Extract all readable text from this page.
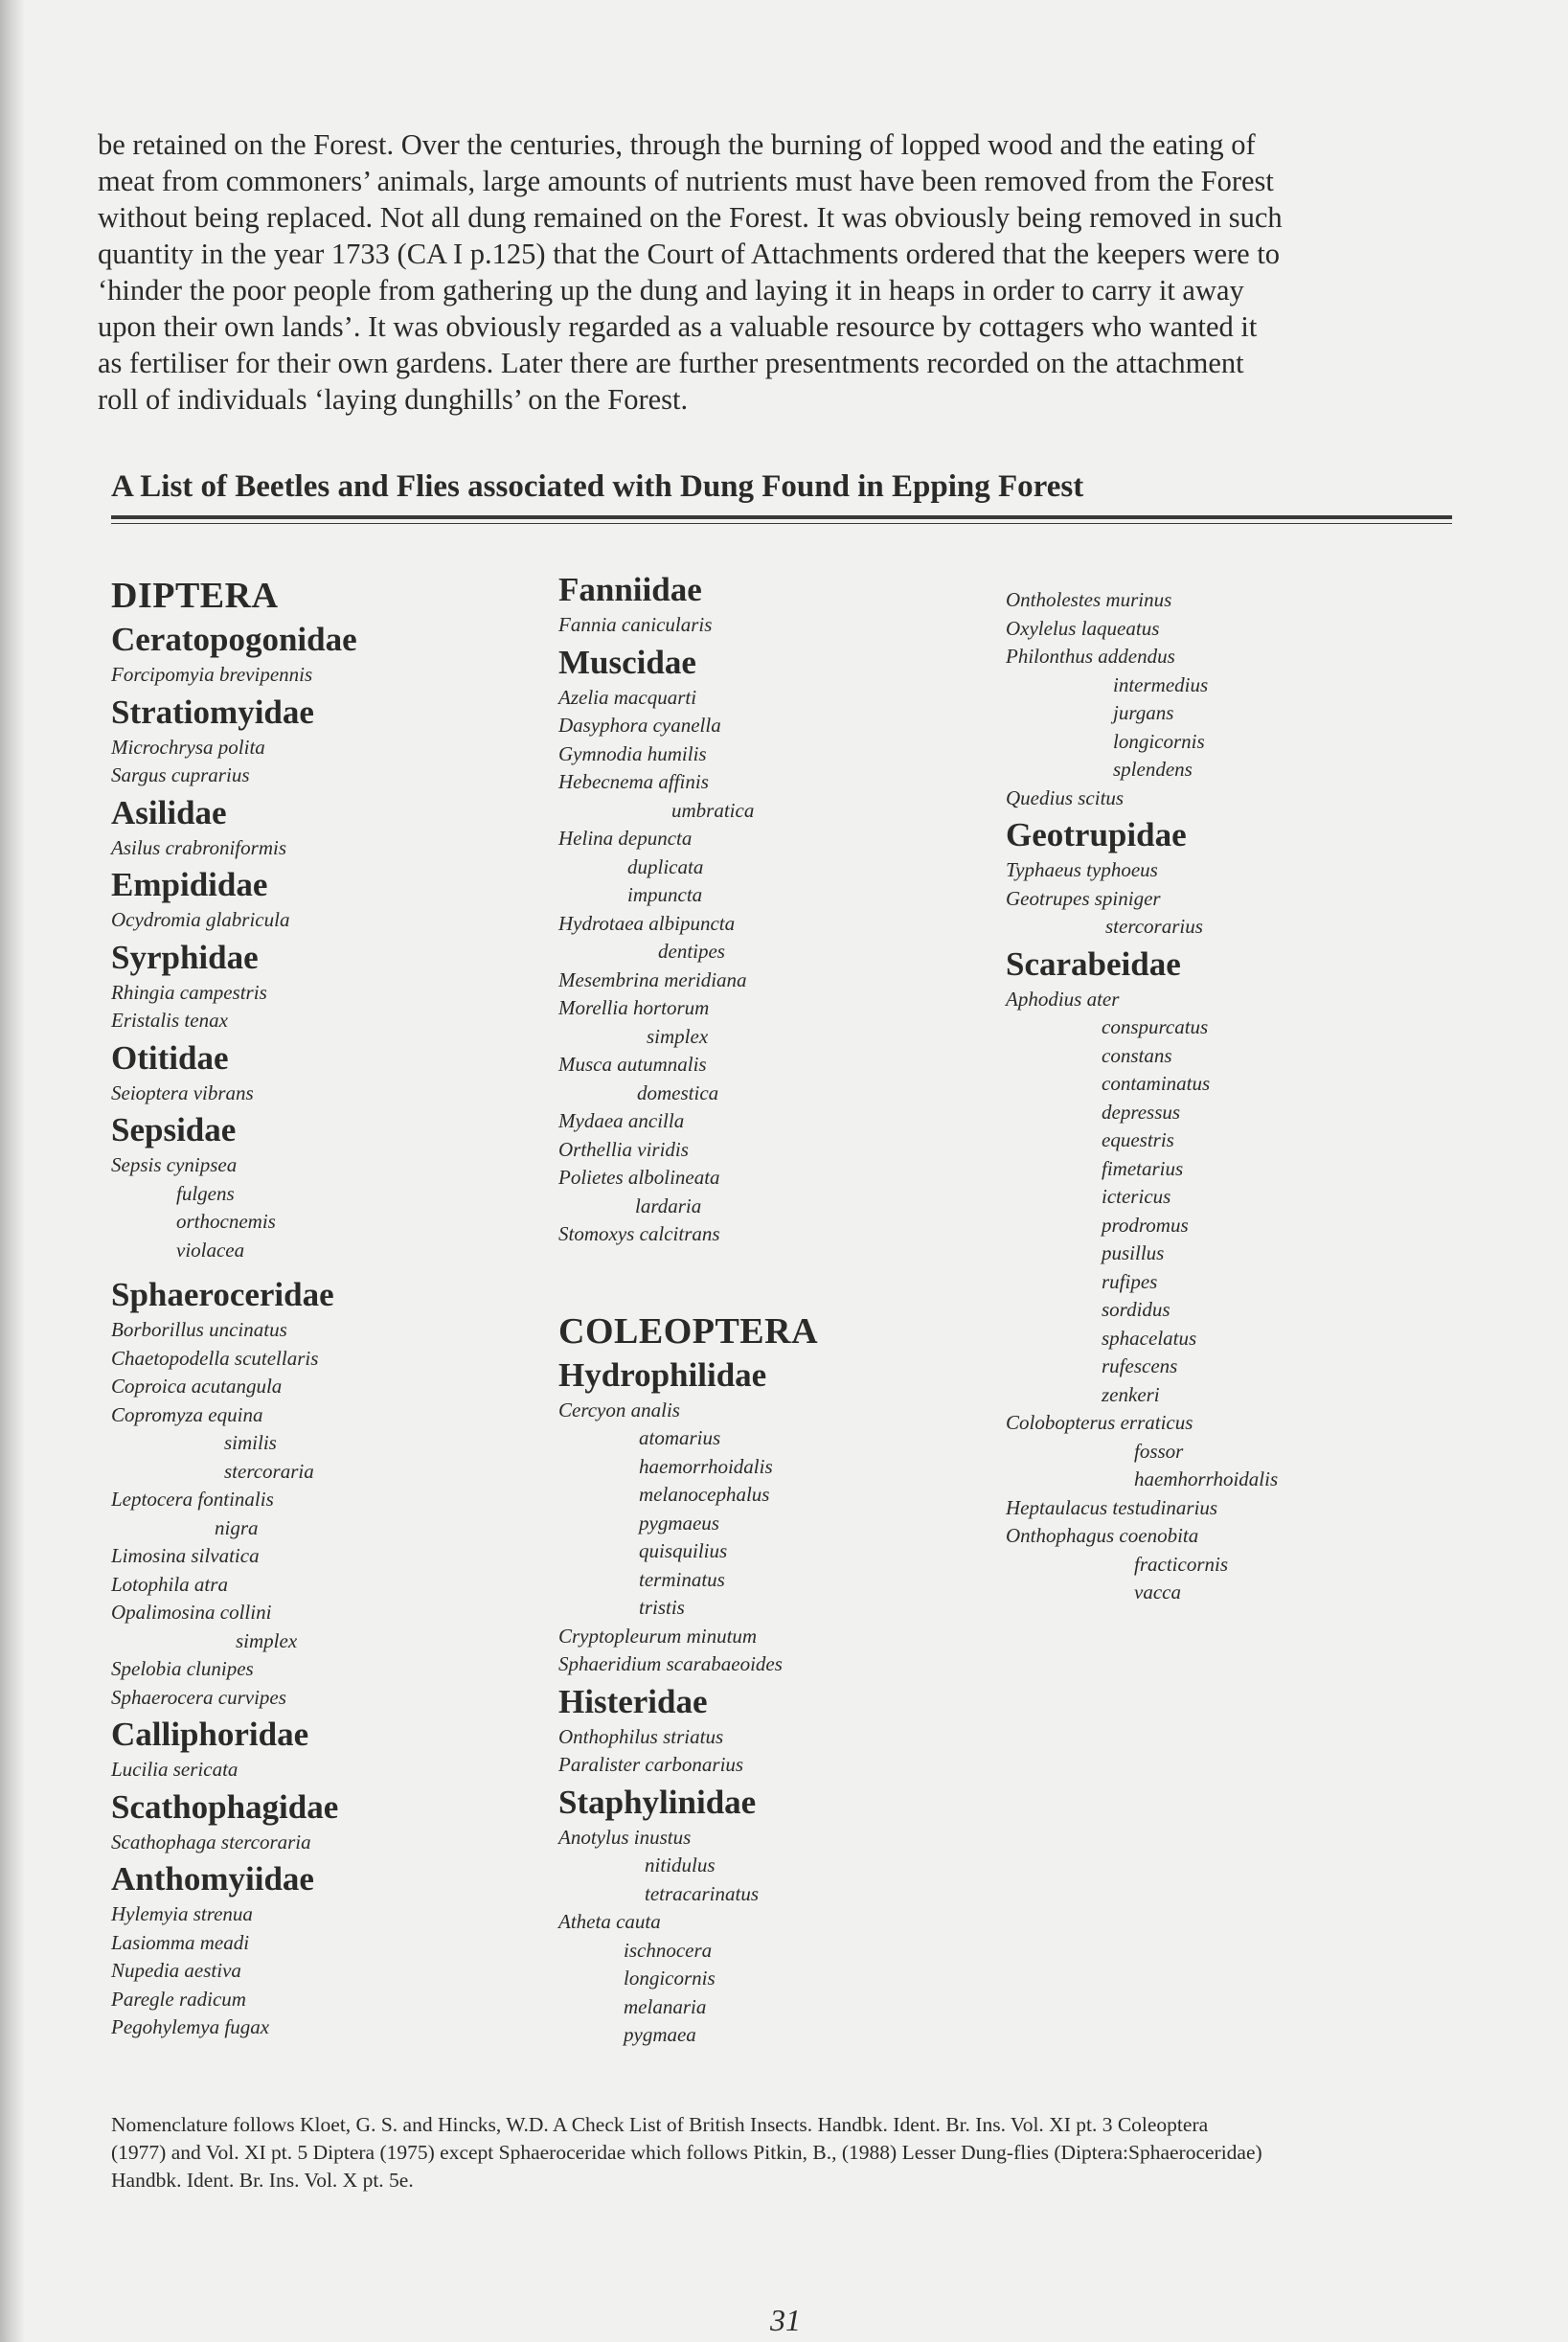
be retained on the Forest. Over the centuries, through the burning of lopped wood and the eating of
meat from commoners’ animals, large amounts of nutrients must have been removed from the Forest
without being replaced. Not all dung remained on the Forest. It was obviously being removed in such
quantity in the year 1733 (CA I p.125) that the Court of Attachments ordered that the keepers were to
‘hinder the poor people from gathering up the dung and laying it in heaps in order to carry it away
upon their own lands’. It was obviously regarded as a valuable resource by cottagers who wanted it
as fertiliser for their own gardens. Later there are further presentments recorded on the attachment
roll of individuals ‘laying dunghills’ on the Forest.

A List of Beetles and Flies associated with Dung Found in Epping Forest
DIPTERA
Ceratopogonidae
Forcipomyia brevipennis
Stratiomyidae
Microchrysa polita
Sargus cuprarius
Asilidae
Asilus crabroniformis
Empididae
Ocydromia glabricula
Syrphidae
Rhingia campestris
Eristalis tenax
Otitidae
Seioptera vibrans
Sepsidae
Sepsis cynipsea
fulgens
orthocnemis
violacea
Sphaeroceridae
Borborillus uncinatus
Chaetopodella scutellaris
Coproica acutangula
Copromyza equina
similis
stercoraria
Leptocera fontinalis
nigra
Limosina silvatica
Lotophila atra
Opalimosina collini
simplex
Spelobia clunipes
Sphaerocera curvipes
Calliphoridae
Lucilia sericata
Scathophagidae
Scathophaga stercoraria
Anthomyiidae
Hylemyia strenua
Lasiomma meadi
Nupedia aestiva
Paregle radicum
Pegohylemya fugax
Fanniidae
Fannia canicularis
Muscidae
Azelia macquarti
Dasyphora cyanella
Gymnodia humilis
Hebecnema affinis
umbratica
Helina depuncta
duplicata
impuncta
Hydrotaea albipuncta
dentipes
Mesembrina meridiana
Morellia hortorum
simplex
Musca autumnalis
domestica
Mydaea ancilla
Orthellia viridis
Polietes albolineata
lardaria
Stomoxys calcitrans
COLEOPTERA
Hydrophilidae
Cercyon analis
atomarius
haemorrhoidalis
melanocephalus
pygmaeus
quisquilius
terminatus
tristis
Cryptopleurum minutum
Sphaeridium scarabaeoides
Histeridae
Onthophilus striatus
Paralister carbonarius
Staphylinidae
Anotylus inustus
nitidulus
tetracarinatus
Atheta cauta
ischnocera
longicornis
melanaria
pygmaea
Ontholestes murinus
Oxylelus laqueatus
Philonthus addendus
intermedius
jurgans
longicornis
splendens
Quedius scitus
Geotrupidae
Typhaeus typhoeus
Geotrupes spiniger
stercorarius
Scarabeidae
Aphodius ater
conspurcatus
constans
contaminatus
depressus
equestris
fimetarius
ictericus
prodromus
pusillus
rufipes
sordidus
sphacelatus
rufescens
zenkeri
Colobopterus erraticus
fossor
haemhorrhoidalis
Heptaulacus testudinarius
Onthophagus coenobita
fracticornis
vacca

Nomenclature follows Kloet, G. S. and Hincks, W.D. A Check List of British Insects. Handbk. Ident. Br. Ins. Vol. XI pt. 3 Coleoptera
(1977) and Vol. XI pt. 5 Diptera (1975) except Sphaeroceridae which follows Pitkin, B., (1988) Lesser Dung-flies (Diptera:Sphaeroceridae)
Handbk. Ident. Br. Ins. Vol. X pt. 5e.

31
